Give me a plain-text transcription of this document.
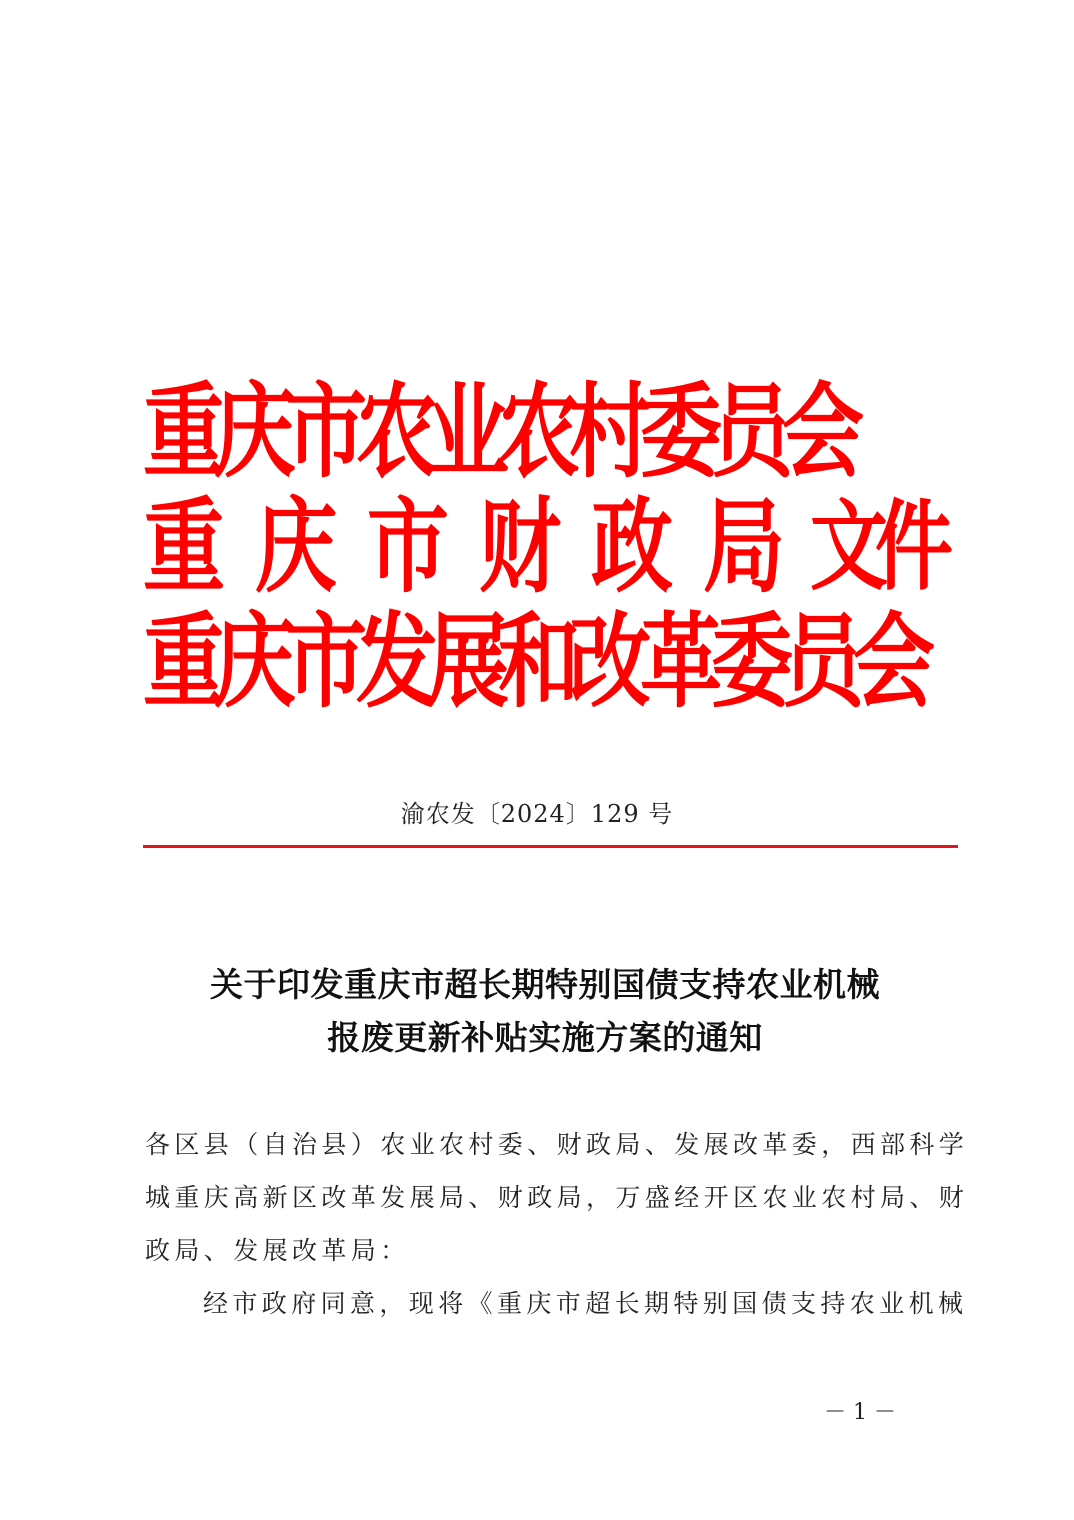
重庆市农业农村委员会
重 庆 市 财 政 局 文件
重庆市发展和改革委员会
渝农发〔2024〕129 号
关于印发重庆市超长期特别国债支持农业机械
报废更新补贴实施方案的通知
各区县（自治县）农业农村委、财政局、发展改革委，西部科学
城重庆高新区改革发展局、财政局，万盛经开区农业农村局、财
政局、发展改革局：
经市政府同意，现将《重庆市超长期特别国债支持农业机械
－ 1 －
